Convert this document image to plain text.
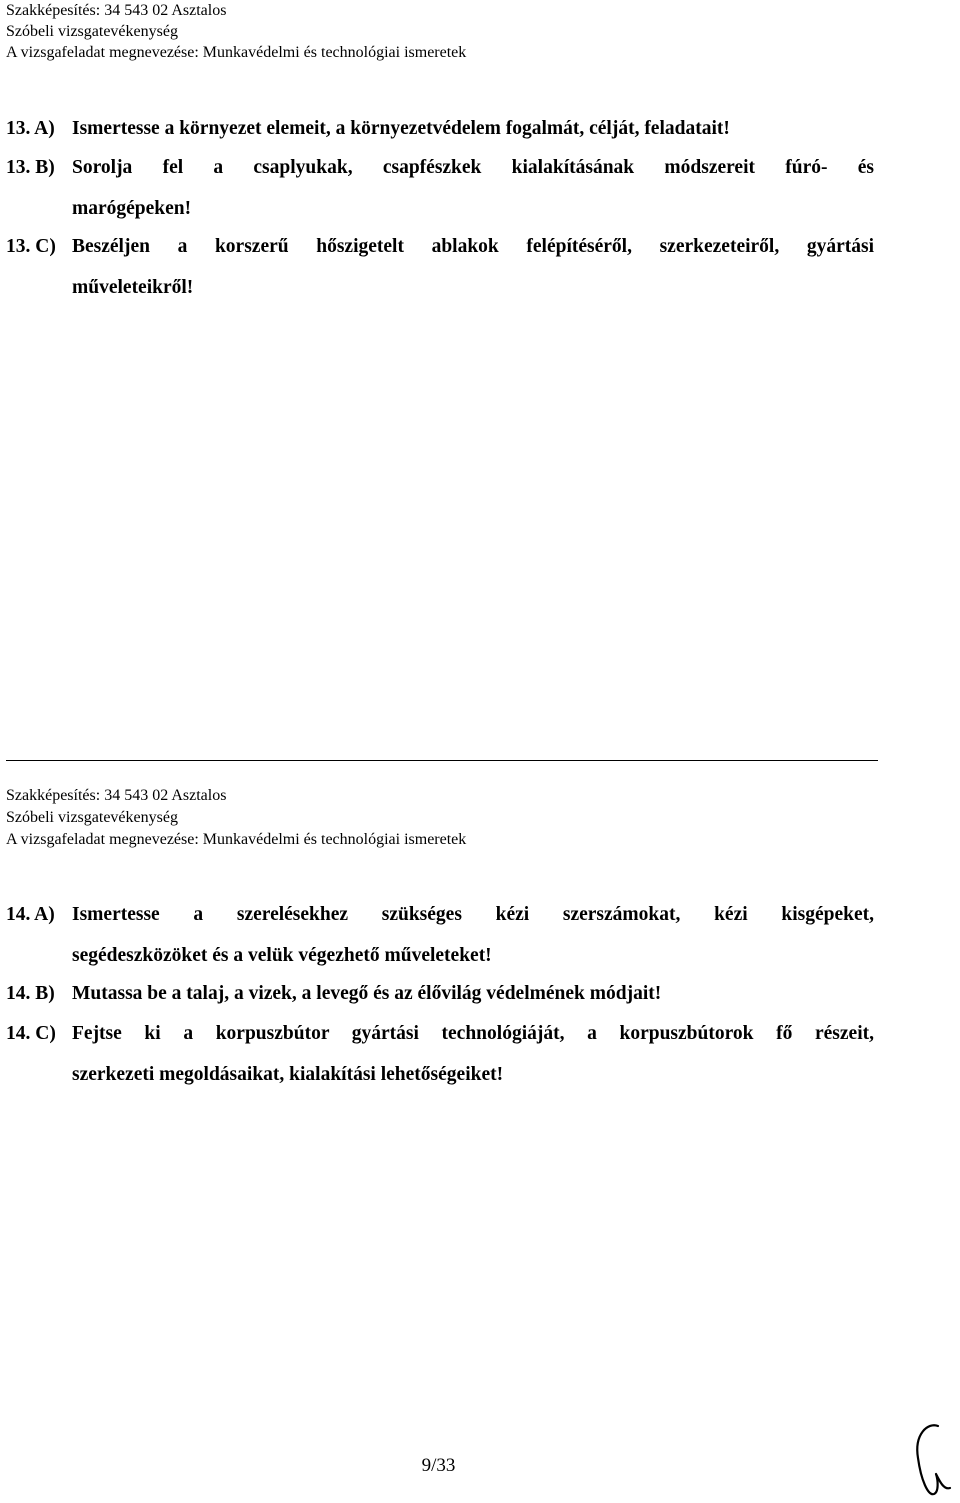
Szakképesítés: 34 543 02 Asztalos
Szóbeli vizsgatevékenység
A vizsgafeladat megnevezése: Munkavédelmi és technológiai ismeretek
13. A) Ismertesse a környezet elemeit, a környezetvédelem fogalmát, célját, feladatait!
13. B) Sorolja fel a csaplyukak, csapfészkek kialakításának módszereit fúró- és
marógépeken!
13. C) Beszéljen a korszerű hőszigetelt ablakok felépítéséről, szerkezeteiről, gyártási
műveleteikről!
Szakképesítés: 34 543 02 Asztalos
Szóbeli vizsgatevékenység
A vizsgafeladat megnevezése: Munkavédelmi és technológiai ismeretek
14. A) Ismertesse a szerelésekhez szükséges kézi szerszámokat, kézi kisgépeket,
segédeszközöket és a velük végezhető műveleteket!
14. B) Mutassa be a talaj, a vizek, a levegő és az élővilág védelmének módjait!
14. C) Fejtse ki a korpuszbútor gyártási technológiáját, a korpuszbútorok fő részeit,
szerkezeti megoldásaikat, kialakítási lehetőségeiket!
9/33
